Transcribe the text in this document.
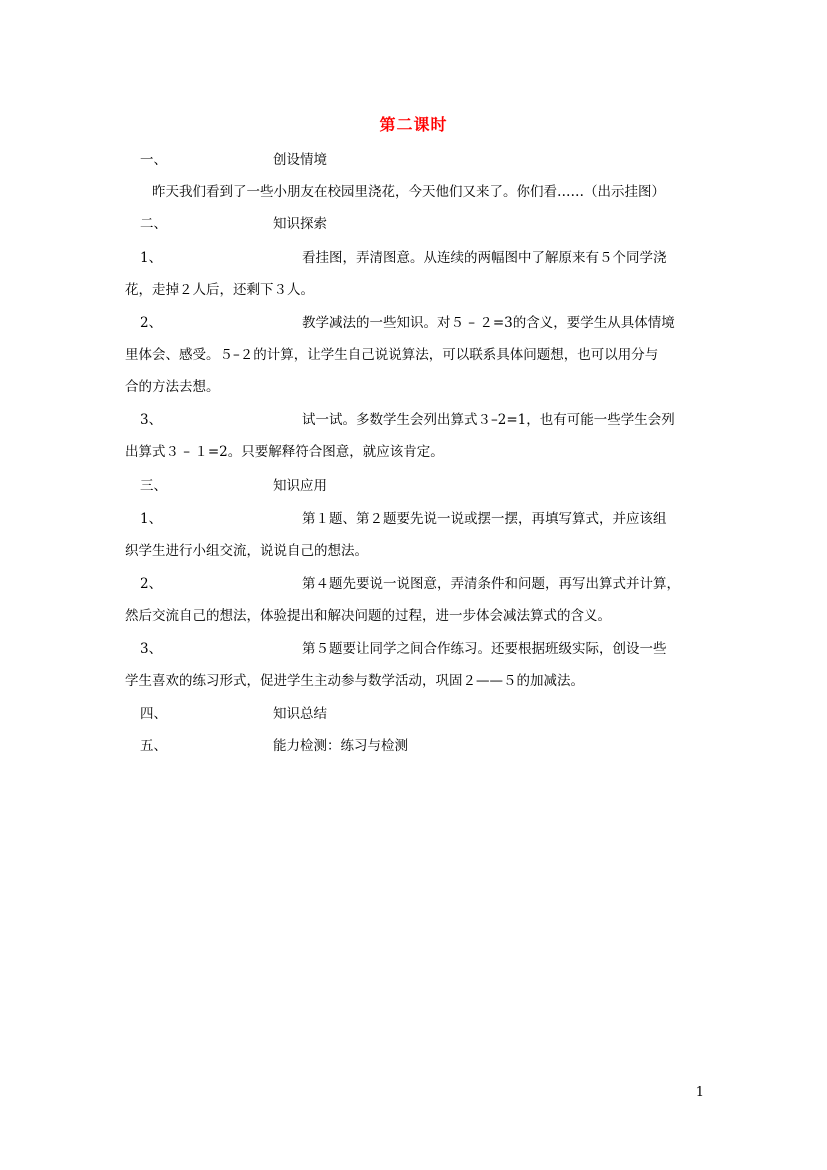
第二课时
一、	创设情境
昨天我们看到了一些小朋友在校园里浇花，今天他们又来了。你们看……（出示挂图）
二、	知识探索
1、	看挂图，弄清图意。从连续的两幅图中了解原来有５个同学浇
花，走掉２人后，还剩下３人。
2、	教学减法的一些知识。对５ – ２=3的含义，要学生从具体情境
里体会、感受。５–２的计算，让学生自己说说算法，可以联系具体问题想，也可以用分与
合的方法去想。
3、	试一试。多数学生会列出算式３–2=1，也有可能一些学生会列
出算式３ – １=2。只要解释符合图意，就应该肯定。
三、	知识应用
1、	第１题、第２题要先说一说或摆一摆，再填写算式，并应该组
织学生进行小组交流，说说自己的想法。
2、	第４题先要说一说图意，弄清条件和问题，再写出算式并计算，
然后交流自己的想法，体验提出和解决问题的过程，进一步体会减法算式的含义。
3、	第５题要让同学之间合作练习。还要根据班级实际，创设一些
学生喜欢的练习形式，促进学生主动参与数学活动，巩固２——５的加减法。
四、	知识总结
五、	能力检测：练习与检测
1
